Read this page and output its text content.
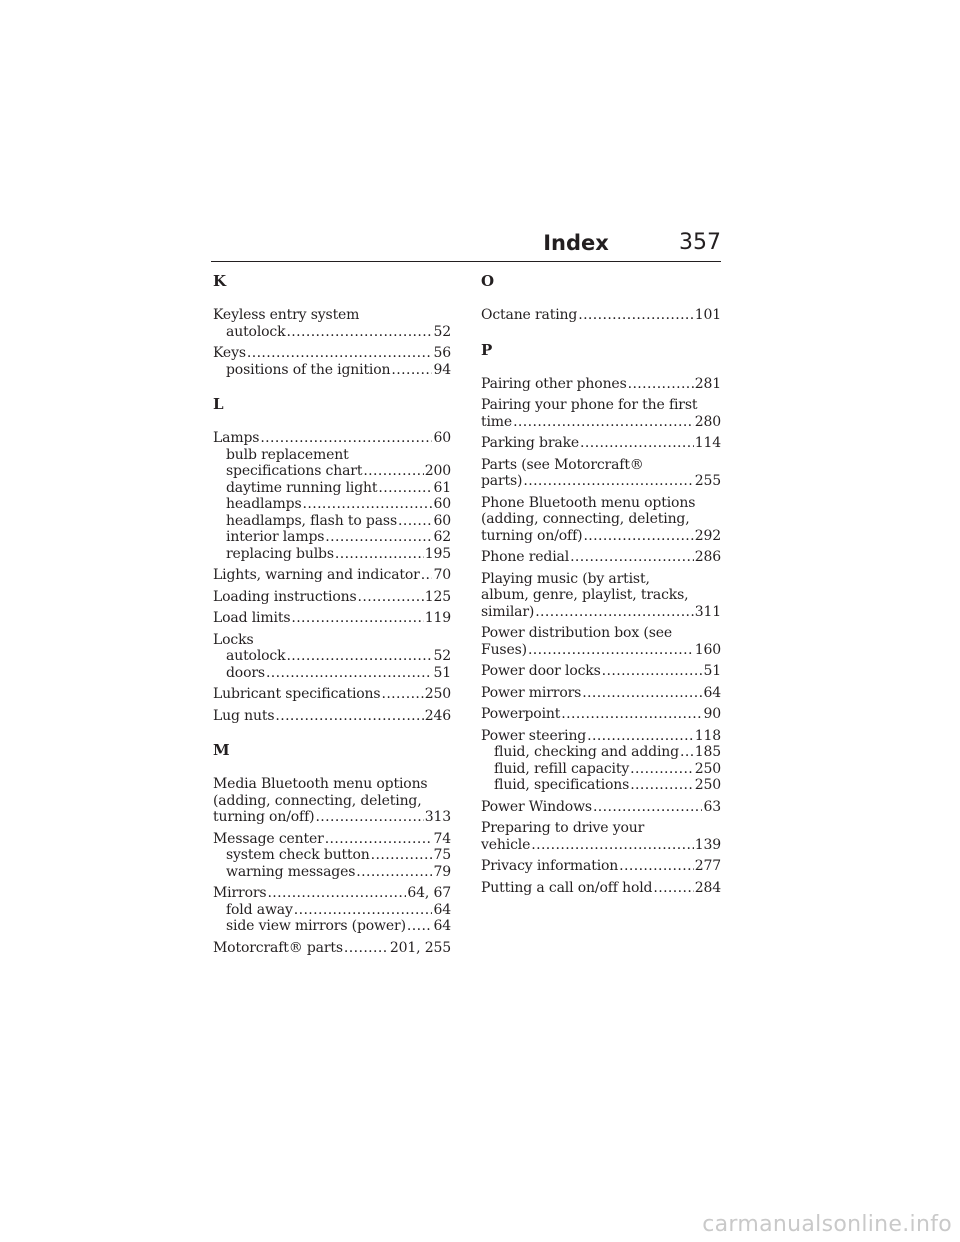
Index	357
K
Keyless entry system
autolock .....	52
Keys .....	56
positions of the ignition .....	94
L
Lamps .....	60
bulb replacement
specifications chart .....	200
daytime running light .....	61
headlamps .....	60
headlamps, flash to pass .....	60
interior lamps .....	62
replacing bulbs .....	195
Lights, warning and indicator ..... 70
Loading instructions .....	125
Load limits .....	119
Locks
autolock .....	52
doors .....	51
Lubricant specifications .....	250
Lug nuts .....	246
M
Media Bluetooth menu options
(adding, connecting, deleting,
turning on/off) .....	313
Message center .....	74
system check button .....	75
warning messages .....	79
Mirrors .....	64, 67
fold away .....	64
side view mirrors (power) ..... 64
Motorcraft® parts .....	201, 255
O
Octane rating .....	101
P
Pairing other phones .....	281
Pairing your phone for the first
time .....	280
Parking brake .....	114
Parts (see Motorcraft®
parts) .....	255
Phone Bluetooth menu options
(adding, connecting, deleting,
turning on/off) .....	292
Phone redial .....	286
Playing music (by artist,
album, genre, playlist, tracks,
similar) .....	311
Power distribution box (see
Fuses) .....	160
Power door locks .....	51
Power mirrors .....	64
Powerpoint .....	90
Power steering .....	118
fluid, checking and adding ..... 185
fluid, refill capacity .....	250
fluid, specifications .....	250
Power Windows .....	63
Preparing to drive your
vehicle .....	139
Privacy information .....	277
Putting a call on/off hold .....	284
carmanualsonline.info
